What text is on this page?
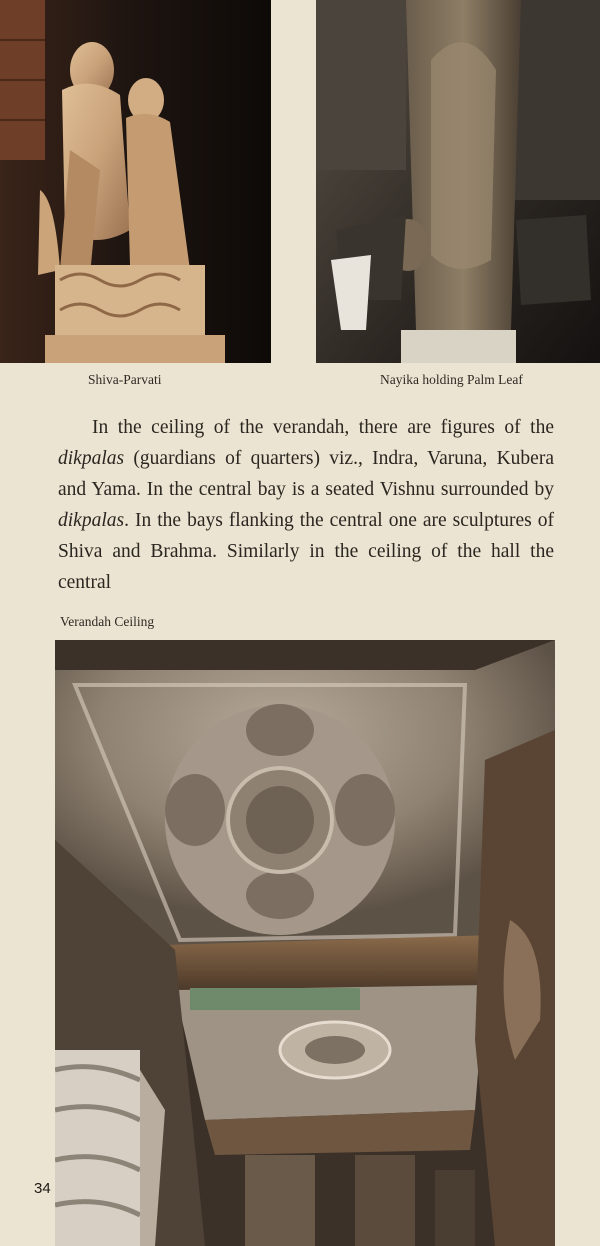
Shiva-Parvati	Nayika holding Palm Leaf

In the ceiling of the verandah, there are figures of the dikpalas (guardians of quarters) viz., Indra, Varuna, Kubera and Yama. In the central bay is a seated Vishnu surrounded by dikpalas. In the bays flanking the central one are sculptures of Shiva and Brahma. Similarly in the ceiling of the hall the central

Verandah Ceiling
34
